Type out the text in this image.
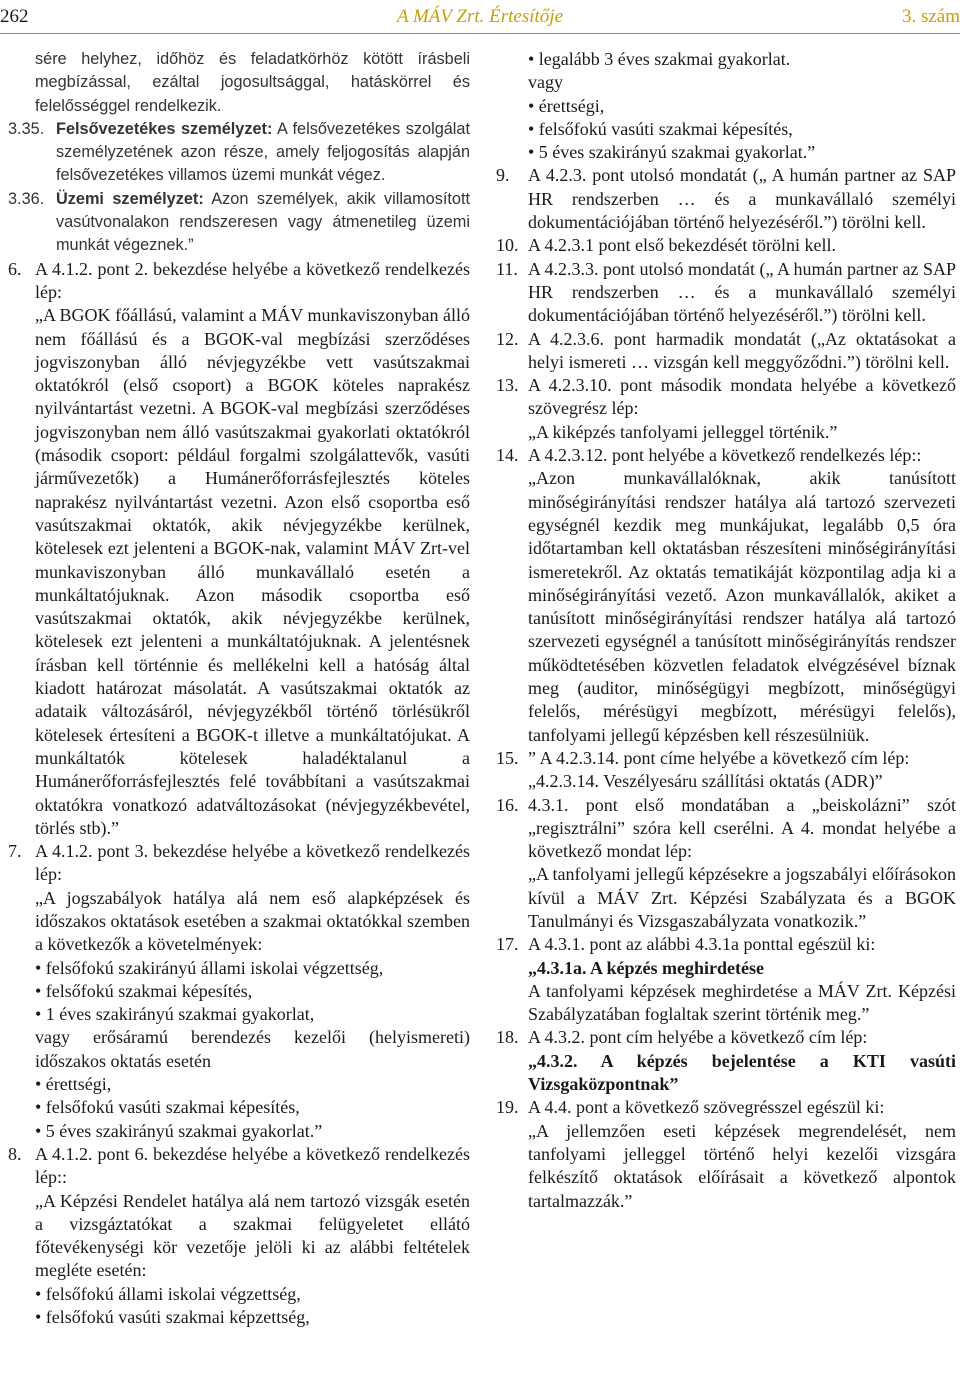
262	A MÁV Zrt. Értesítője	3. szám
sére helyhez, időhöz és feladatkörhöz kötött írásbeli megbízással, ezáltal jogosultsággal, hatáskörrel és felelősséggel rendelkezik.
3.35. Felsővezetékes személyzet: A felsővezetékes szolgálat személyzetének azon része, amely feljogosítás alapján felsővezetékes villamos üzemi munkát végez.
3.36. Üzemi személyzet: Azon személyek, akik villamosított vasútvonalakon rendszeresen vagy átmenetileg üzemi munkát végeznek.”
6. A 4.1.2. pont 2. bekezdése helyébe a következő rendelkezés lép:
„A BGOK főállású, valamint a MÁV munkaviszonyban álló nem főállású és a BGOK-val megbízási szerződéses jogviszonyban álló névjegyzékbe vett vasútszakmai oktatókról (első csoport) a BGOK köteles naprakész nyilvántartást vezetni. A BGOK-val megbízási szerződéses jogviszonyban nem álló vasútszakmai gyakorlati oktatókról (második csoport: például forgalmi szolgálattevők, vasúti járművezetők) a Humánerőforrásfejlesztés köteles naprakész nyilvántartást vezetni. Azon első csoportba eső vasútszakmai oktatók, akik névjegyzékbe kerülnek, kötelesek ezt jelenteni a BGOK-nak, valamint MÁV Zrt-vel munkaviszonyban álló munkavállaló esetén a munkáltatójuknak. Azon második csoportba eső vasútszakmai oktatók, akik névjegyzékbe kerülnek, kötelesek ezt jelenteni a munkáltatójuknak. A jelentésnek írásban kell történnie és mellékelni kell a hatóság által kiadott határozat másolatát. A vasútszakmai oktatók az adataik változásáról, névjegyzékből történő törlésükről kötelesek értesíteni a BGOK-t illetve a munkáltatójukat. A munkáltatók kötelesek haladéktalanul a Humánerőforrásfejlesztés felé továbbítani a vasútszakmai oktatókra vonatkozó adatváltozásokat (névjegyzékbevétel, törlés stb).”
7. A 4.1.2. pont 3. bekezdése helyébe a következő rendelkezés lép:
„A jogszabályok hatálya alá nem eső alapképzések és időszakos oktatások esetében a szakmai oktatókkal szemben a következők a követelmények:
• felsőfokú szakirányú állami iskolai végzettség,
• felsőfokú szakmai képesítés,
• 1 éves szakirányú szakmai gyakorlat,
vagy erősáramú berendezés kezelői (helyismereti) időszakos oktatás esetén
• érettségi,
• felsőfokú vasúti szakmai képesítés,
• 5 éves szakirányú szakmai gyakorlat.”
8. A 4.1.2. pont 6. bekezdése helyébe a következő rendelkezés lép::
„A Képzési Rendelet hatálya alá nem tartozó vizsgák esetén a vizsgáztatókat a szakmai felügyeletet ellátó főtevékenységi kör vezetője jelöli ki az alábbi feltételek megléte esetén:
• felsőfokú állami iskolai végzettség,
• felsőfokú vasúti szakmai képzettség,
• legalább 3 éves szakmai gyakorlat.
vagy
• érettségi,
• felsőfokú vasúti szakmai képesítés,
• 5 éves szakirányú szakmai gyakorlat.”
9.	A 4.2.3. pont utolsó mondatát („ A humán partner az SAP HR rendszerben … és a munkavállaló személyi dokumentációjában történő helyezéséről.”) törölni kell.
10. A 4.2.3.1 pont első bekezdését törölni kell.
11. A 4.2.3.3. pont utolsó mondatát („ A humán partner az SAP HR rendszerben … és a munkavállaló személyi dokumentációjában történő helyezéséről.”) törölni kell.
12. A 4.2.3.6. pont harmadik mondatát („Az oktatásokat a helyi ismereti … vizsgán kell meggyőződni.”) törölni kell.
13. A 4.2.3.10. pont második mondata helyébe a következő szövegrész lép:
„A kiképzés tanfolyami jelleggel történik.”
14. A 4.2.3.12. pont helyébe a következő rendelkezés lép::
„Azon munkavállalóknak, akik tanúsított minőségirányítási rendszer hatálya alá tartozó szervezeti egységnél kezdik meg munkájukat, legalább 0,5 óra időtartamban kell oktatásban részesíteni minőségirányítási ismeretekről. Az oktatás tematikáját központilag adja ki a minőségirányítási vezető. Azon munkavállalók, akiket a tanúsított minőségirányítási rendszer hatálya alá tartozó szervezeti egységnél a tanúsított minőségirányítás rendszer működtetésében közvetlen feladatok elvégzésével bíznak meg (auditor, minőségügyi megbízott, minőségügyi felelős, mérésügyi megbízott, mérésügyi felelős), tanfolyami jellegű képzésben kell részesülniük.
15. ” A 4.2.3.14. pont címe helyébe a következő cím lép:
„4.2.3.14. Veszélyesáru szállítási oktatás (ADR)”
16. 4.3.1. pont első mondatában a „beiskolázni” szót „regisztrálni” szóra kell cserélni. A 4. mondat helyébe a következő mondat lép:
„A tanfolyami jellegű képzésekre a jogszabályi előírásokon kívül a MÁV Zrt. Képzési Szabályzata és a BGOK Tanulmányi és Vizsgaszabályzata vonatkozik.”
17. A 4.3.1. pont az alábbi 4.3.1a ponttal egészül ki:
„4.3.1a. A képzés meghirdetése
A tanfolyami képzések meghirdetése a MÁV Zrt. Képzési Szabályzatában foglaltak szerint történik meg.”
18. A 4.3.2. pont cím helyébe a következő cím lép:
„4.3.2. A képzés bejelentése a KTI vasúti Vizsgaközpontnak”
19. A 4.4. pont a következő szövegrésszel egészül ki:
„A jellemzően eseti képzések megrendelését, nem tanfolyami jelleggel történő helyi kezelői vizsgára felkészítő oktatások előírásait a következő alpontok tartalmazzák.”
